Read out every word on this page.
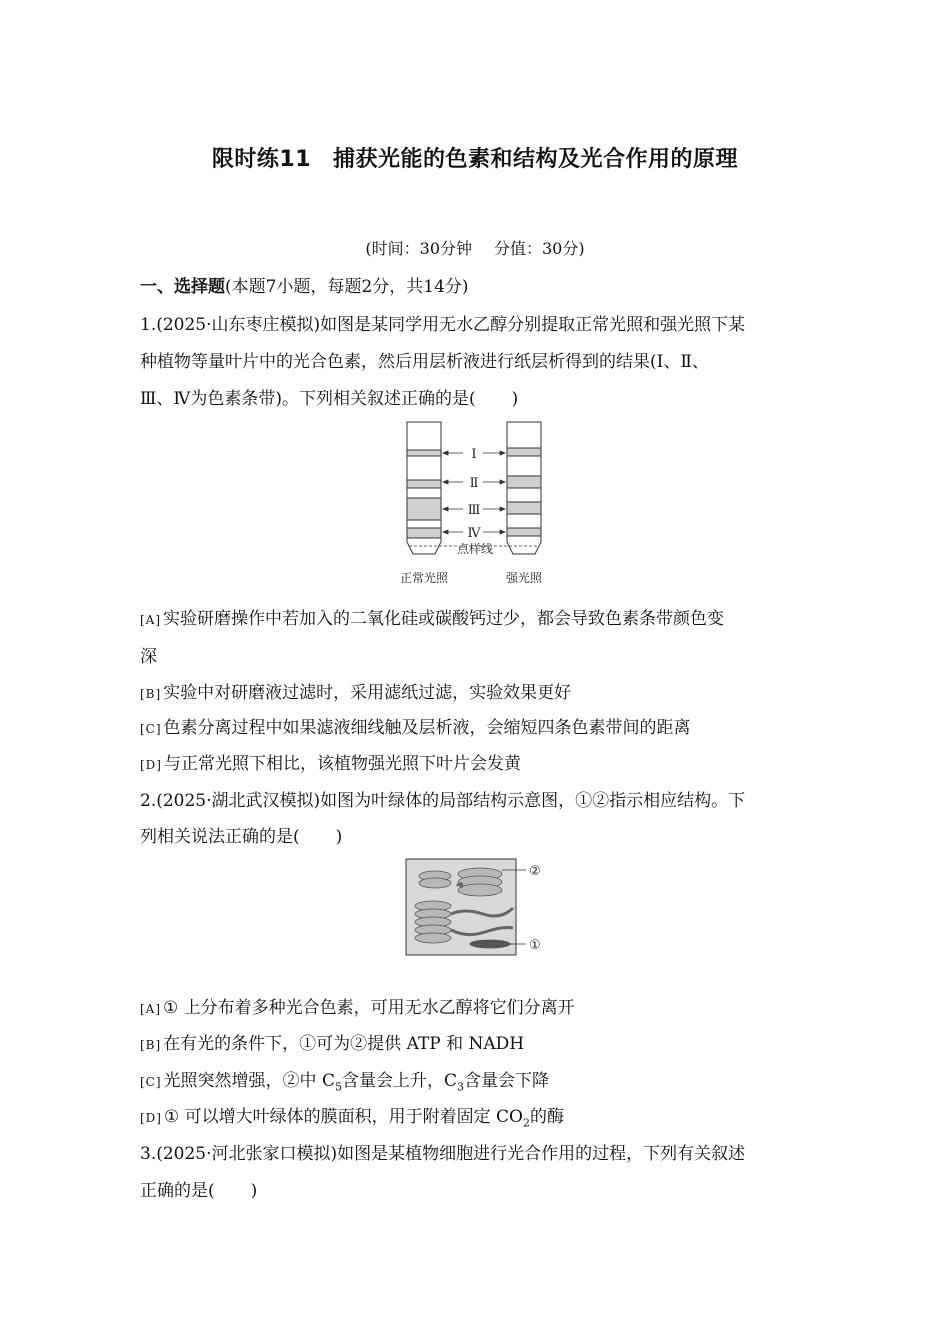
限时练11 捕获光能的色素和结构及光合作用的原理
(时间：30分钟 分值：30分)
一、选择题(本题7小题，每题2分，共14分)
1.(2025·山东枣庄模拟)如图是某同学用无水乙醇分别提取正常光照和强光照下某
种植物等量叶片中的光合色素，然后用层析液进行纸层析得到的结果(Ⅰ、Ⅱ、
Ⅲ、Ⅳ为色素条带)。下列相关叙述正确的是( )
Ⅰ
Ⅱ
Ⅲ
Ⅳ
点样线
正常光照	强光照
[A] 实验研磨操作中若加入的二氧化硅或碳酸钙过少，都会导致色素条带颜色变
深
[B] 实验中对研磨液过滤时，采用滤纸过滤，实验效果更好
[C] 色素分离过程中如果滤液细线触及层析液，会缩短四条色素带间的距离
[D] 与正常光照下相比，该植物强光照下叶片会发黄
2.(2025·湖北武汉模拟)如图为叶绿体的局部结构示意图，①②指示相应结构。下
列相关说法正确的是( )
②
①
[A] ① 上分布着多种光合色素，可用无水乙醇将它们分离开
[B] 在有光的条件下，①可为②提供 ATP 和 NADH
[C] 光照突然增强，②中 $C_5$含量会上升，$C_3$含量会下降
[D] ① 可以增大叶绿体的膜面积，用于附着固定 $CO_2$的酶
3.(2025·河北张家口模拟)如图是某植物细胞进行光合作用的过程，下列有关叙述
正确的是( )
